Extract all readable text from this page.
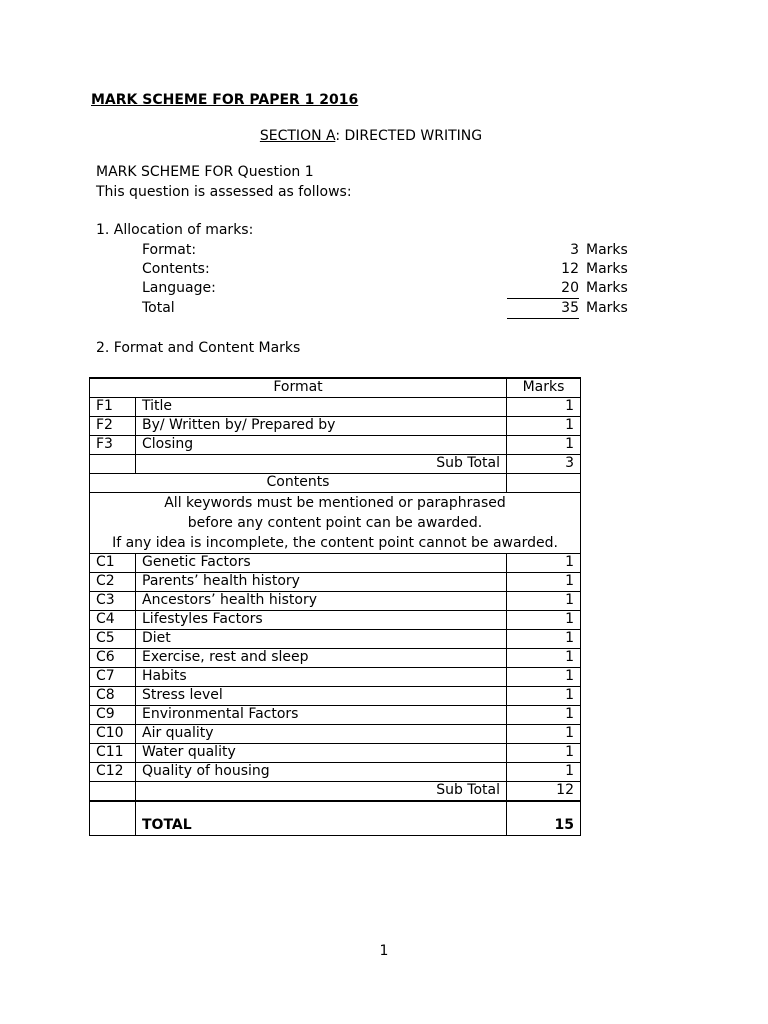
MARK SCHEME FOR PAPER 1 2016
SECTION A: DIRECTED WRITING
MARK SCHEME FOR Question 1
This question is assessed as follows:
1. Allocation of marks:
Format:	3 Marks
Contents:	12 Marks
Language:	20 Marks
Total	35 Marks
2. Format and Content Marks
Format		Marks
F1	Title	1
F2	By/ Written by/ Prepared by	1
F3	Closing	1
	Sub Total	3
Contents		

All keywords must be mentioned or paraphrased
before any content point can be awarded.
If any idea is incomplete, the content point cannot be awarded.		

C1	Genetic Factors	1
C2	Parents’ health history	1
C3	Ancestors’ health history	1
C4	Lifestyles Factors	1
C5	Diet	1
C6	Exercise, rest and sleep	1
C7	Habits	1
C8	Stress level	1
C9	Environmental Factors	1
C10	Air quality	1
C11	Water quality	1
C12	Quality of housing	1
	Sub Total	12
	TOTAL	15
1
